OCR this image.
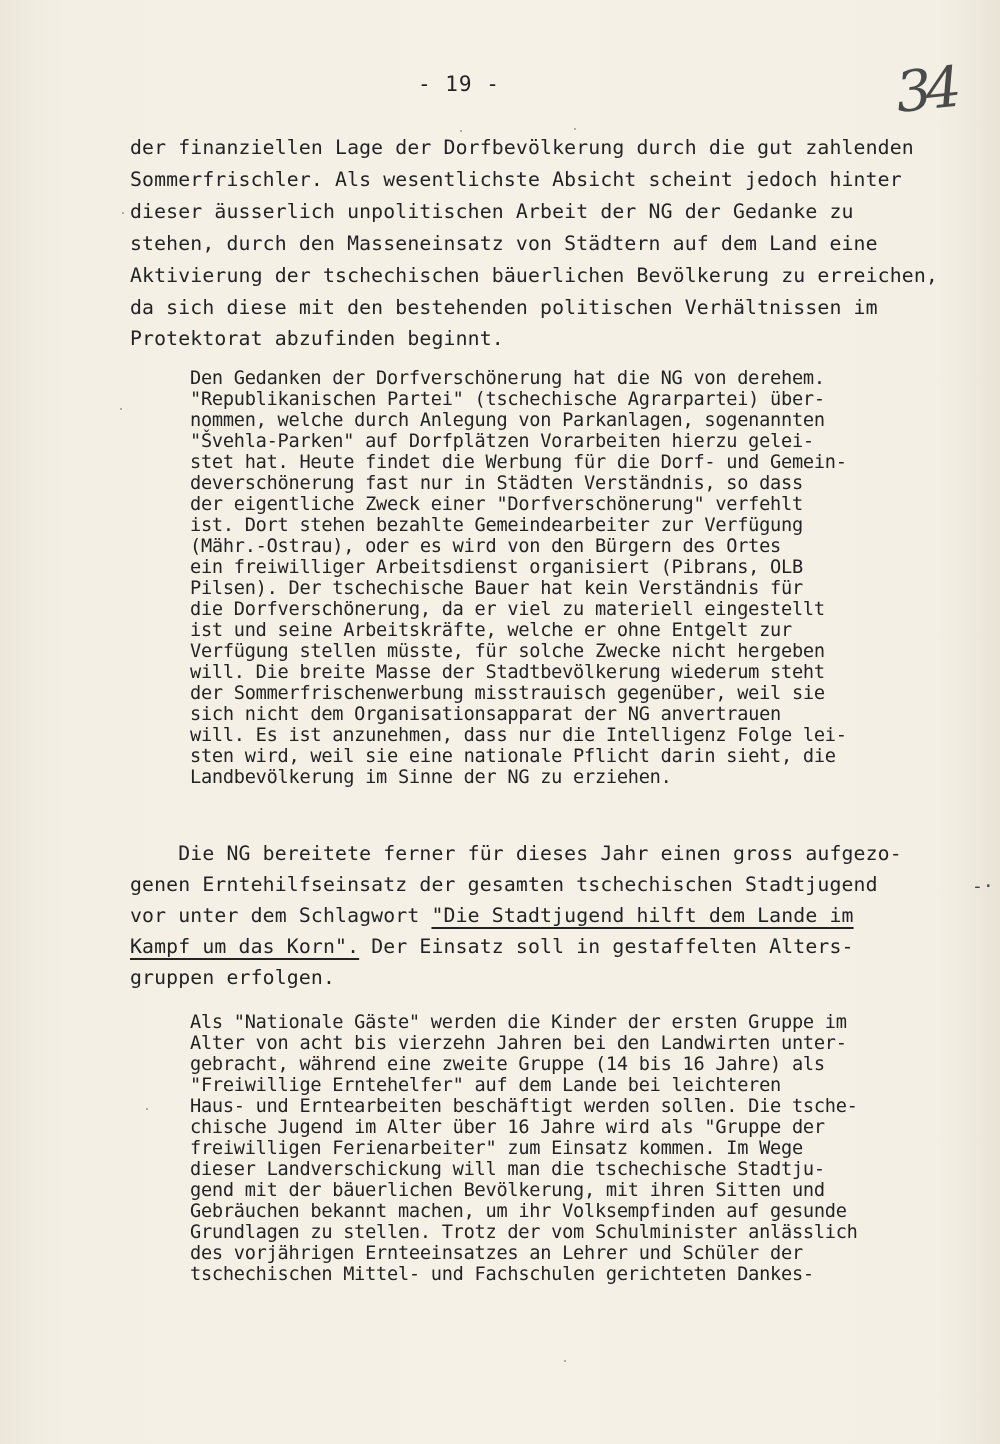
- 19 -	34
der finanziellen Lage der Dorfbevölkerung durch die gut zahlenden
Sommerfrischler. Als wesentlichste Absicht scheint jedoch hinter
dieser äusserlich unpolitischen Arbeit der NG der Gedanke zu
stehen, durch den Masseneinsatz von Städtern auf dem Land eine
Aktivierung der tschechischen bäuerlichen Bevölkerung zu erreichen,
da sich diese mit den bestehenden politischen Verhältnissen im
Protektorat abzufinden beginnt.
Den Gedanken der Dorfverschönerung hat die NG von derehem.
"Republikanischen Partei" (tschechische Agrarpartei) über-
nommen, welche durch Anlegung von Parkanlagen, sogenannten
"Švehla-Parken" auf Dorfplätzen Vorarbeiten hierzu gelei-
stet hat. Heute findet die Werbung für die Dorf- und Gemein-
deverschönerung fast nur in Städten Verständnis, so dass
der eigentliche Zweck einer "Dorfverschönerung" verfehlt
ist. Dort stehen bezahlte Gemeindearbeiter zur Verfügung
(Mähr.-Ostrau), oder es wird von den Bürgern des Ortes
ein freiwilliger Arbeitsdienst organisiert (Pibrans, OLB
Pilsen). Der tschechische Bauer hat kein Verständnis für
die Dorfverschönerung, da er viel zu materiell eingestellt
ist und seine Arbeitskräfte, welche er ohne Entgelt zur
Verfügung stellen müsste, für solche Zwecke nicht hergeben
will. Die breite Masse der Stadtbevölkerung wiederum steht
der Sommerfrischenwerbung misstrauisch gegenüber, weil sie
sich nicht dem Organisationsapparat der NG anvertrauen
will. Es ist anzunehmen, dass nur die Intelligenz Folge lei-
sten wird, weil sie eine nationale Pflicht darin sieht, die
Landbevölkerung im Sinne der NG zu erziehen.
Die NG bereitete ferner für dieses Jahr einen gross aufgezo-
genen Erntehilfseinsatz der gesamten tschechischen Stadtjugend
vor unter dem Schlagwort "Die Stadtjugend hilft dem Lande im
Kampf um das Korn". Der Einsatz soll in gestaffelten Alters-
gruppen erfolgen.
-·
Als "Nationale Gäste" werden die Kinder der ersten Gruppe im
Alter von acht bis vierzehn Jahren bei den Landwirten unter-
gebracht, während eine zweite Gruppe (14 bis 16 Jahre) als
"Freiwillige Erntehelfer" auf dem Lande bei leichteren
Haus- und Erntearbeiten beschäftigt werden sollen. Die tsche-
chische Jugend im Alter über 16 Jahre wird als "Gruppe der
freiwilligen Ferienarbeiter" zum Einsatz kommen. Im Wege
dieser Landverschickung will man die tschechische Stadtju-
gend mit der bäuerlichen Bevölkerung, mit ihren Sitten und
Gebräuchen bekannt machen, um ihr Volksempfinden auf gesunde
Grundlagen zu stellen. Trotz der vom Schulminister anlässlich
des vorjährigen Ernteeinsatzes an Lehrer und Schüler der
tschechischen Mittel- und Fachschulen gerichteten Dankes-
